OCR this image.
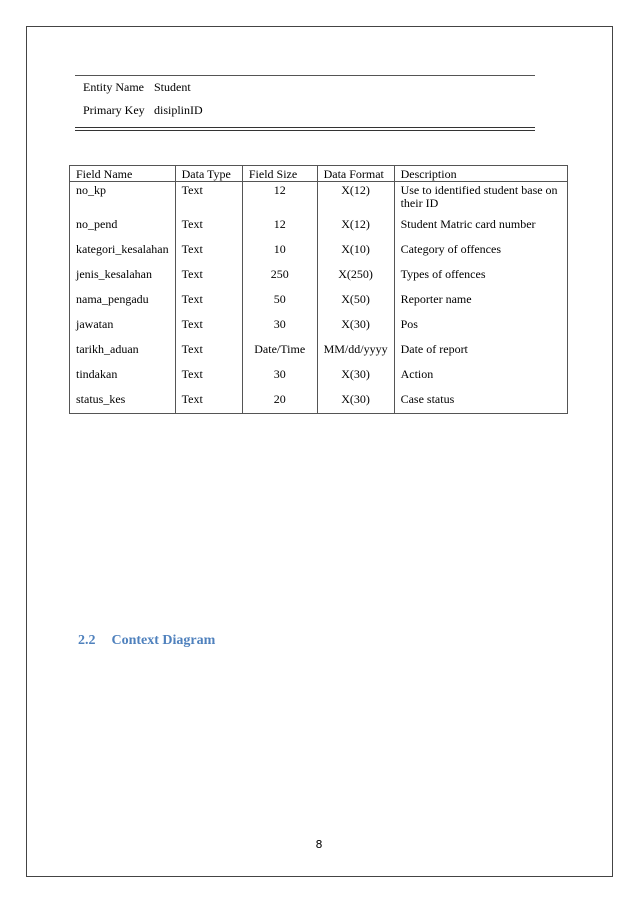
Entity Name Student
Primary Key disiplinID
Field Name	Data Type	Field Size	Data Format	Description
no_kp	Text	12	X(12)	Use to identified student base on their ID
no_pend	Text	12	X(12)	Student Matric card number
kategori_kesalahan	Text	10	X(10)	Category of offences
jenis_kesalahan	Text	250	X(250)	Types of offences
nama_pengadu	Text	50	X(50)	Reporter name
jawatan	Text	30	X(30)	Pos
tarikh_aduan	Text	Date/Time	MM/dd/yyyy	Date of report
tindakan	Text	30	X(30)	Action
status_kes	Text	20	X(30)	Case status
2.2 Context Diagram
8
